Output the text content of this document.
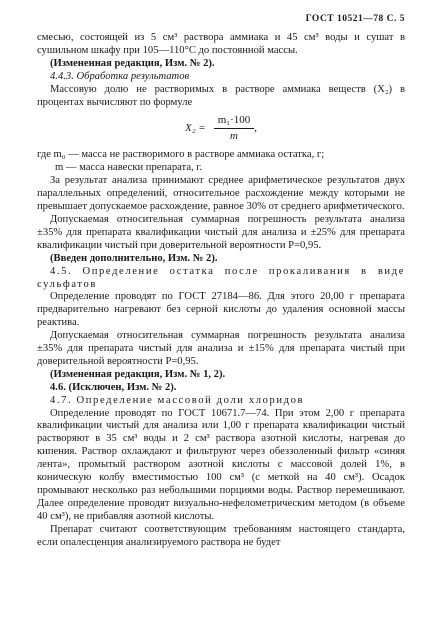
ГОСТ 10521—78 С. 5

смесью, состоящей из 5 см³ раствора аммиака и 45 см³ воды и сушат в сушильном шкафу при 105—110°С до постоянной массы.

(Измененная редакция, Изм. № 2).

4.4.3. Обработка результатов

Массовую долю не растворимых в растворе аммиака веществ (X₂) в процентах вычисляют по формуле

$X_2 = \frac{\text{m₁·100}}{m}$ ,

где m₀ — масса не растворимого в растворе аммиака остатка, г;

m — масса навески препарата, г.

За результат анализа принимают среднее арифметическое результатов двух параллельных определений, относительное расхождение между которыми не превышает допускаемое расхождение, равное 30% от среднего арифметического.

Допускаемая относительная суммарная погрешность результата анализа ±35% для препарата квалификации чистый для анализа и ±25% для препарата квалификации чистый при доверительной вероятности P=0,95.

(Введен дополнительно, Изм. № 2).

4.5. Определение остатка после прокаливания в виде сульфатов

Определение проводят по ГОСТ 27184—86. Для этого 20,00 г препарата предварительно нагревают без серной кислоты до удаления основной массы реактива.

Допускаемая относительная суммарная погрешность результата анализа ±35% для препарата чистый для анализа и ±15% для препарата чистый при доверительной вероятности P=0,95.

(Измененная редакция, Изм. № 1, 2).

4.6. (Исключен, Изм. № 2).

4.7. Определение массовой доли хлоридов

Определение проводят по ГОСТ 10671.7—74. При этом 2,00 г препарата квалификации чистый для анализа или 1,00 г препарата квалификации чистый растворяют в 35 см³ воды и 2 см³ раствора азотной кислоты, нагревая до кипения. Раствор охлаждают и фильтруют через обеззоленный фильтр «синяя лента», промытый раствором азотной кислоты с массовой долей 1%, в коническую колбу вместимостью 100 см³ (с меткой на 40 см³). Осадок промывают несколько раз небольшими порциями воды. Раствор перемешивают. Далее определение проводят визуально-нефелометрическим методом (в объеме 40 см³), не прибавляя азотной кислоты.

Препарат считают соответствующим требованиям настоящего стандарта, если опалесценция анализируемого раствора не будет
